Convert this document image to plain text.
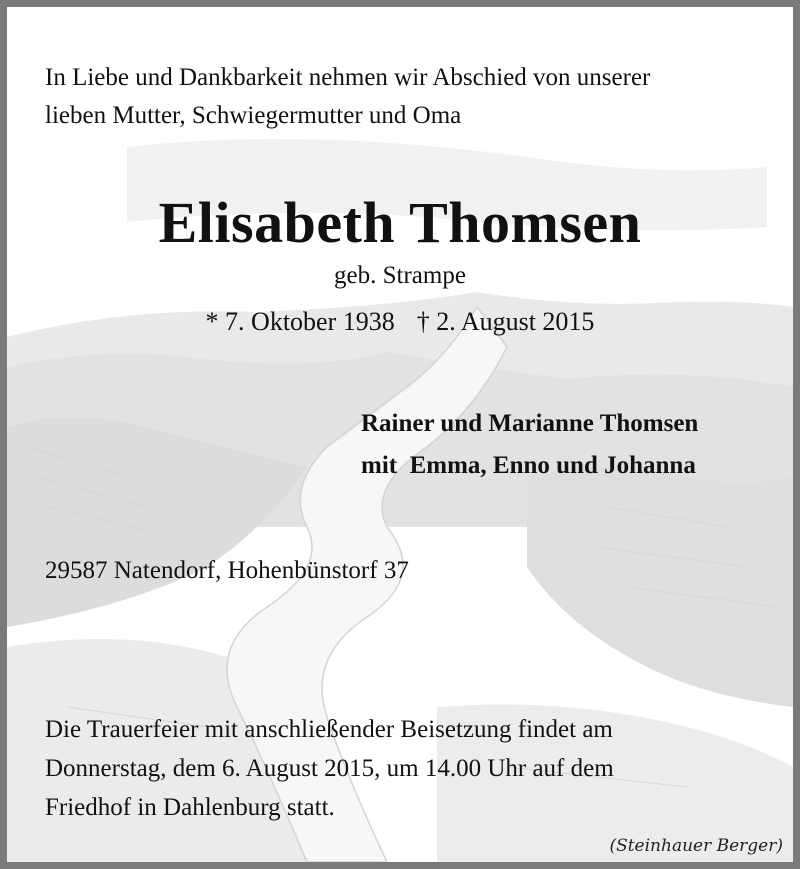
In Liebe und Dankbarkeit nehmen wir Abschied von unserer
lieben Mutter, Schwiegermutter und Oma
Elisabeth Thomsen
geb. Strampe
* 7. Oktober 1938 † 2. August 2015
Rainer und Marianne Thomsen
mit  Emma, Enno und Johanna
29587 Natendorf, Hohenbünstorf 37
Die Trauerfeier mit anschließender Beisetzung findet am
Donnerstag, dem 6. August 2015, um 14.00 Uhr auf dem
Friedhof in Dahlenburg statt.
(Steinhauer Berger)
